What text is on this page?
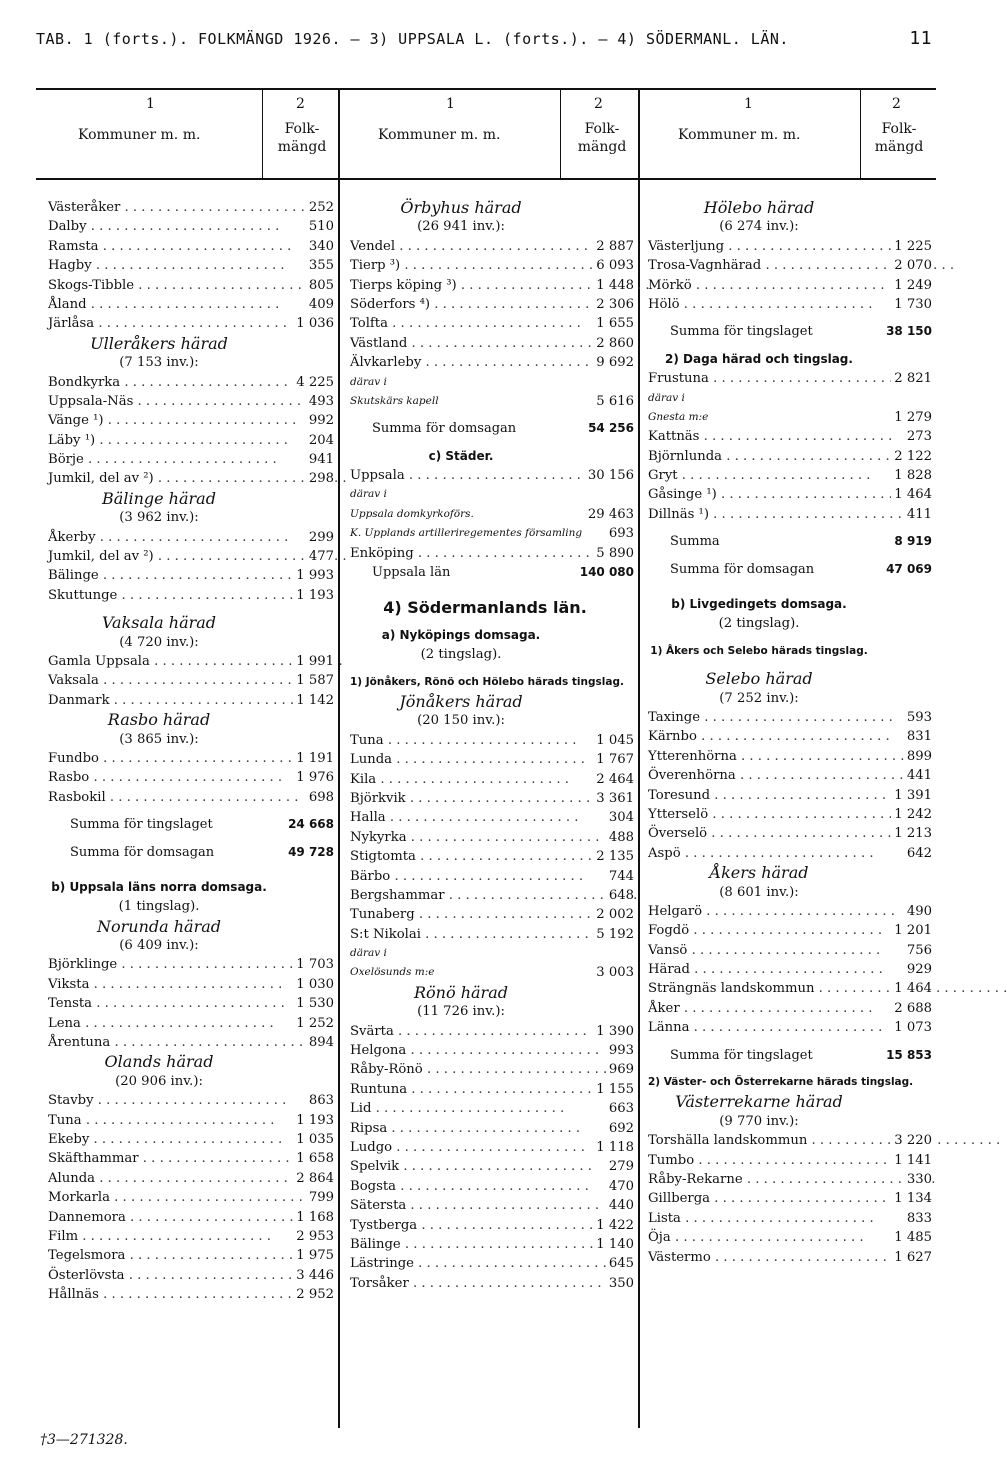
TAB. 1 (forts.). FOLKMÄNGD 1926. — 3) UPPSALA L. (forts.). — 4) SÖDERMANL. LÄN.	11
1
Kommuner m. m.
2
Folk-mängd
1
Kommuner m. m.
2
Folk-mängd
1
Kommuner m. m.
2
Folk-mängd
Västeråker . . .	252
Dalby . . .	510
Ramsta . . .	340
Hagby . . .	355
Skogs-Tibble . . .	805
Åland . . .	409
Järlåsa . . .	1 036
Ulleråkers härad
(7 153 inv.):
Bondkyrka . . .	4 225
Uppsala-Näs . . .	493
Vänge ¹) . . .	992
Läby ¹) . . .	204
Börje . . .	941
Jumkil, del av ²) . . .	298
Bälinge härad
(3 962 inv.):
Åkerby . . .	299
Jumkil, del av ²) . . .	477
Bälinge . . .	1 993
Skuttunge . . .	1 193
Vaksala härad
(4 720 inv.):
Gamla Uppsala . . .	1 991
Vaksala . . .	1 587
Danmark . . .	1 142
Rasbo härad
(3 865 inv.):
Fundbo . . .	1 191
Rasbo . . .	1 976
Rasbokil . . .	698
Summa för tingslaget	24 668
Summa för domsagan	49 728
b) Uppsala läns norra domsaga.
(1 tingslag).
Norunda härad
(6 409 inv.):
Björklinge . . .	1 703
Viksta . . .	1 030
Tensta . . .	1 530
Lena . . .	1 252
Årentuna . . .	894
Olands härad
(20 906 inv.):
Stavby . . .	863
Tuna . . .	1 193
Ekeby . . .	1 035
Skäfthammar . . .	1 658
Alunda . . .	2 864
Morkarla . . .	799
Dannemora . . .	1 168
Film . . .	2 953
Tegelsmora . . .	1 975
Österlövsta . . .	3 446
Hållnäs . . .	2 952
Örbyhus härad
(26 941 inv.):
Vendel . . .	2 887
Tierp ³) . . .	6 093
Tierps köping ³) . . .	1 448
Söderfors ⁴) . . .	2 306
Tolfta . . .	1 655
Västland . . .	2 860
Älvkarleby . . .	9 692
därav i
Skutskärs kapell	5 616
Summa för domsagan	54 256
c) Städer.
Uppsala . . .	30 156
därav i
Uppsala domkyrkoförs.	29 463
K. Upplands artilleriregementes församling 693
Enköping . . .	5 890
Uppsala län	140 080
4) Södermanlands län.
a) Nyköpings domsaga.
(2 tingslag).
1) Jönåkers, Rönö och Hölebo härads tingslag.
Jönåkers härad
(20 150 inv.):
Tuna . . .	1 045
Lunda . . .	1 767
Kila . . .	2 464
Björkvik . . .	3 361
Halla . . .	304
Nykyrka . . .	488
Stigtomta . . .	2 135
Bärbo . . .	744
Bergshammar . . .	648
Tunaberg . . .	2 002
S:t Nikolai . . .	5 192
därav i
Oxelösunds m:e	3 003
Rönö härad
(11 726 inv.):
Svärta . . .	1 390
Helgona . . .	993
Råby-Rönö . . .	969
Runtuna . . .	1 155
Lid . . .	663
Ripsa . . .	692
Ludgo . . .	1 118
Spelvik . . .	279
Bogsta . . .	470
Sätersta . . .	440
Tystberga . . .	1 422
Bälinge . . .	1 140
Lästringe . . .	645
Torsåker . . .	350
Hölebo härad
(6 274 inv.):
Västerljung . . .	1 225
Trosa-Vagnhärad . . .	2 070
Mörkö . . .	1 249
Hölö . . .	1 730
Summa för tingslaget	38 150
2) Daga härad och tingslag.
Frustuna . . .	2 821
därav i
Gnesta m:e	1 279
Kattnäs . . .	273
Björnlunda . . .	2 122
Gryt . . .	1 828
Gåsinge ¹) . . .	1 464
Dillnäs ¹) . . .	411
Summa	8 919
Summa för domsagan	47 069
b) Livgedingets domsaga.
(2 tingslag).
1) Åkers och Selebo härads tingslag.
Selebo härad
(7 252 inv.):
Taxinge . . .	593
Kärnbo . . .	831
Ytterenhörna . . .	899
Överenhörna . . .	441
Toresund . . .	1 391
Ytterselö . . .	1 242
Överselö . . .	1 213
Aspö . . .	642
Åkers härad
(8 601 inv.):
Helgarö . . .	490
Fogdö . . .	1 201
Vansö . . .	756
Härad . . .	929
Strängnäs landskommun . . .	1 464
Åker . . .	2 688
Länna . . .	1 073
Summa för tingslaget	15 853
2) Väster- och Österrekarne härads tingslag.
Västerrekarne härad
(9 770 inv.):
Torshälla landskommun . . .	3 220
Tumbo . . .	1 141
Råby-Rekarne . . .	330
Gillberga . . .	1 134
Lista . . .	833
Öja . . .	1 485
Västermo . . .	1 627
†3—271328.
